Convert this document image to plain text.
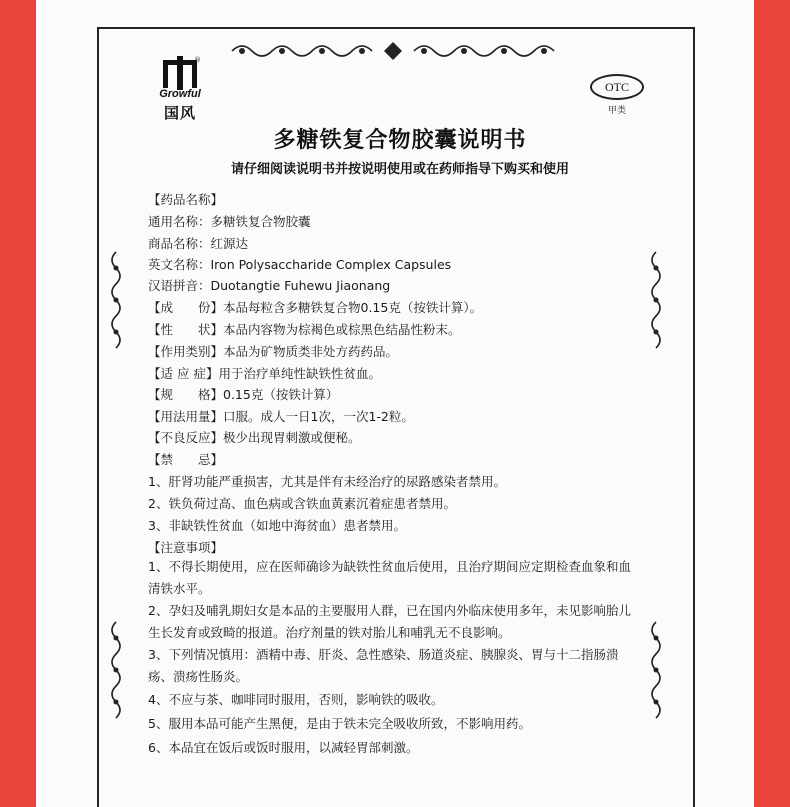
®
Growful
国风
OTC
甲类
多糖铁复合物胶囊说明书
请仔细阅读说明书并按说明使用或在药师指导下购买和使用
【药品名称】
通用名称：多糖铁复合物胶囊
商品名称：红源达
英文名称：Iron Polysaccharide Complex Capsules
汉语拼音：Duotangtie Fuhewu Jiaonang
【成　　份】本品每粒含多糖铁复合物0.15克（按铁计算）。
【性　　状】本品内容物为棕褐色或棕黑色结晶性粉末。
【作用类别】本品为矿物质类非处方药药品。
【适 应 症】用于治疗单纯性缺铁性贫血。
【规　　格】0.15克（按铁计算）
【用法用量】口服。成人一日1次，一次1-2粒。
【不良反应】极少出现胃刺激或便秘。
【禁　　忌】
1、肝肾功能严重损害，尤其是伴有未经治疗的尿路感染者禁用。
2、铁负荷过高、血色病或含铁血黄素沉着症患者禁用。
3、非缺铁性贫血（如地中海贫血）患者禁用。
【注意事项】
1、不得长期使用，应在医师确诊为缺铁性贫血后使用，且治疗期间应定期检查血象和血清铁水平。
2、孕妇及哺乳期妇女是本品的主要服用人群，已在国内外临床使用多年，未见影响胎儿生长发育或致畸的报道。治疗剂量的铁对胎儿和哺乳无不良影响。
3、下列情况慎用：酒精中毒、肝炎、急性感染、肠道炎症、胰腺炎、胃与十二指肠溃疡、溃疡性肠炎。
4、不应与茶、咖啡同时服用，否则，影响铁的吸收。
5、服用本品可能产生黑便，是由于铁未完全吸收所致，不影响用药。
6、本品宜在饭后或饭时服用，以减轻胃部刺激。
